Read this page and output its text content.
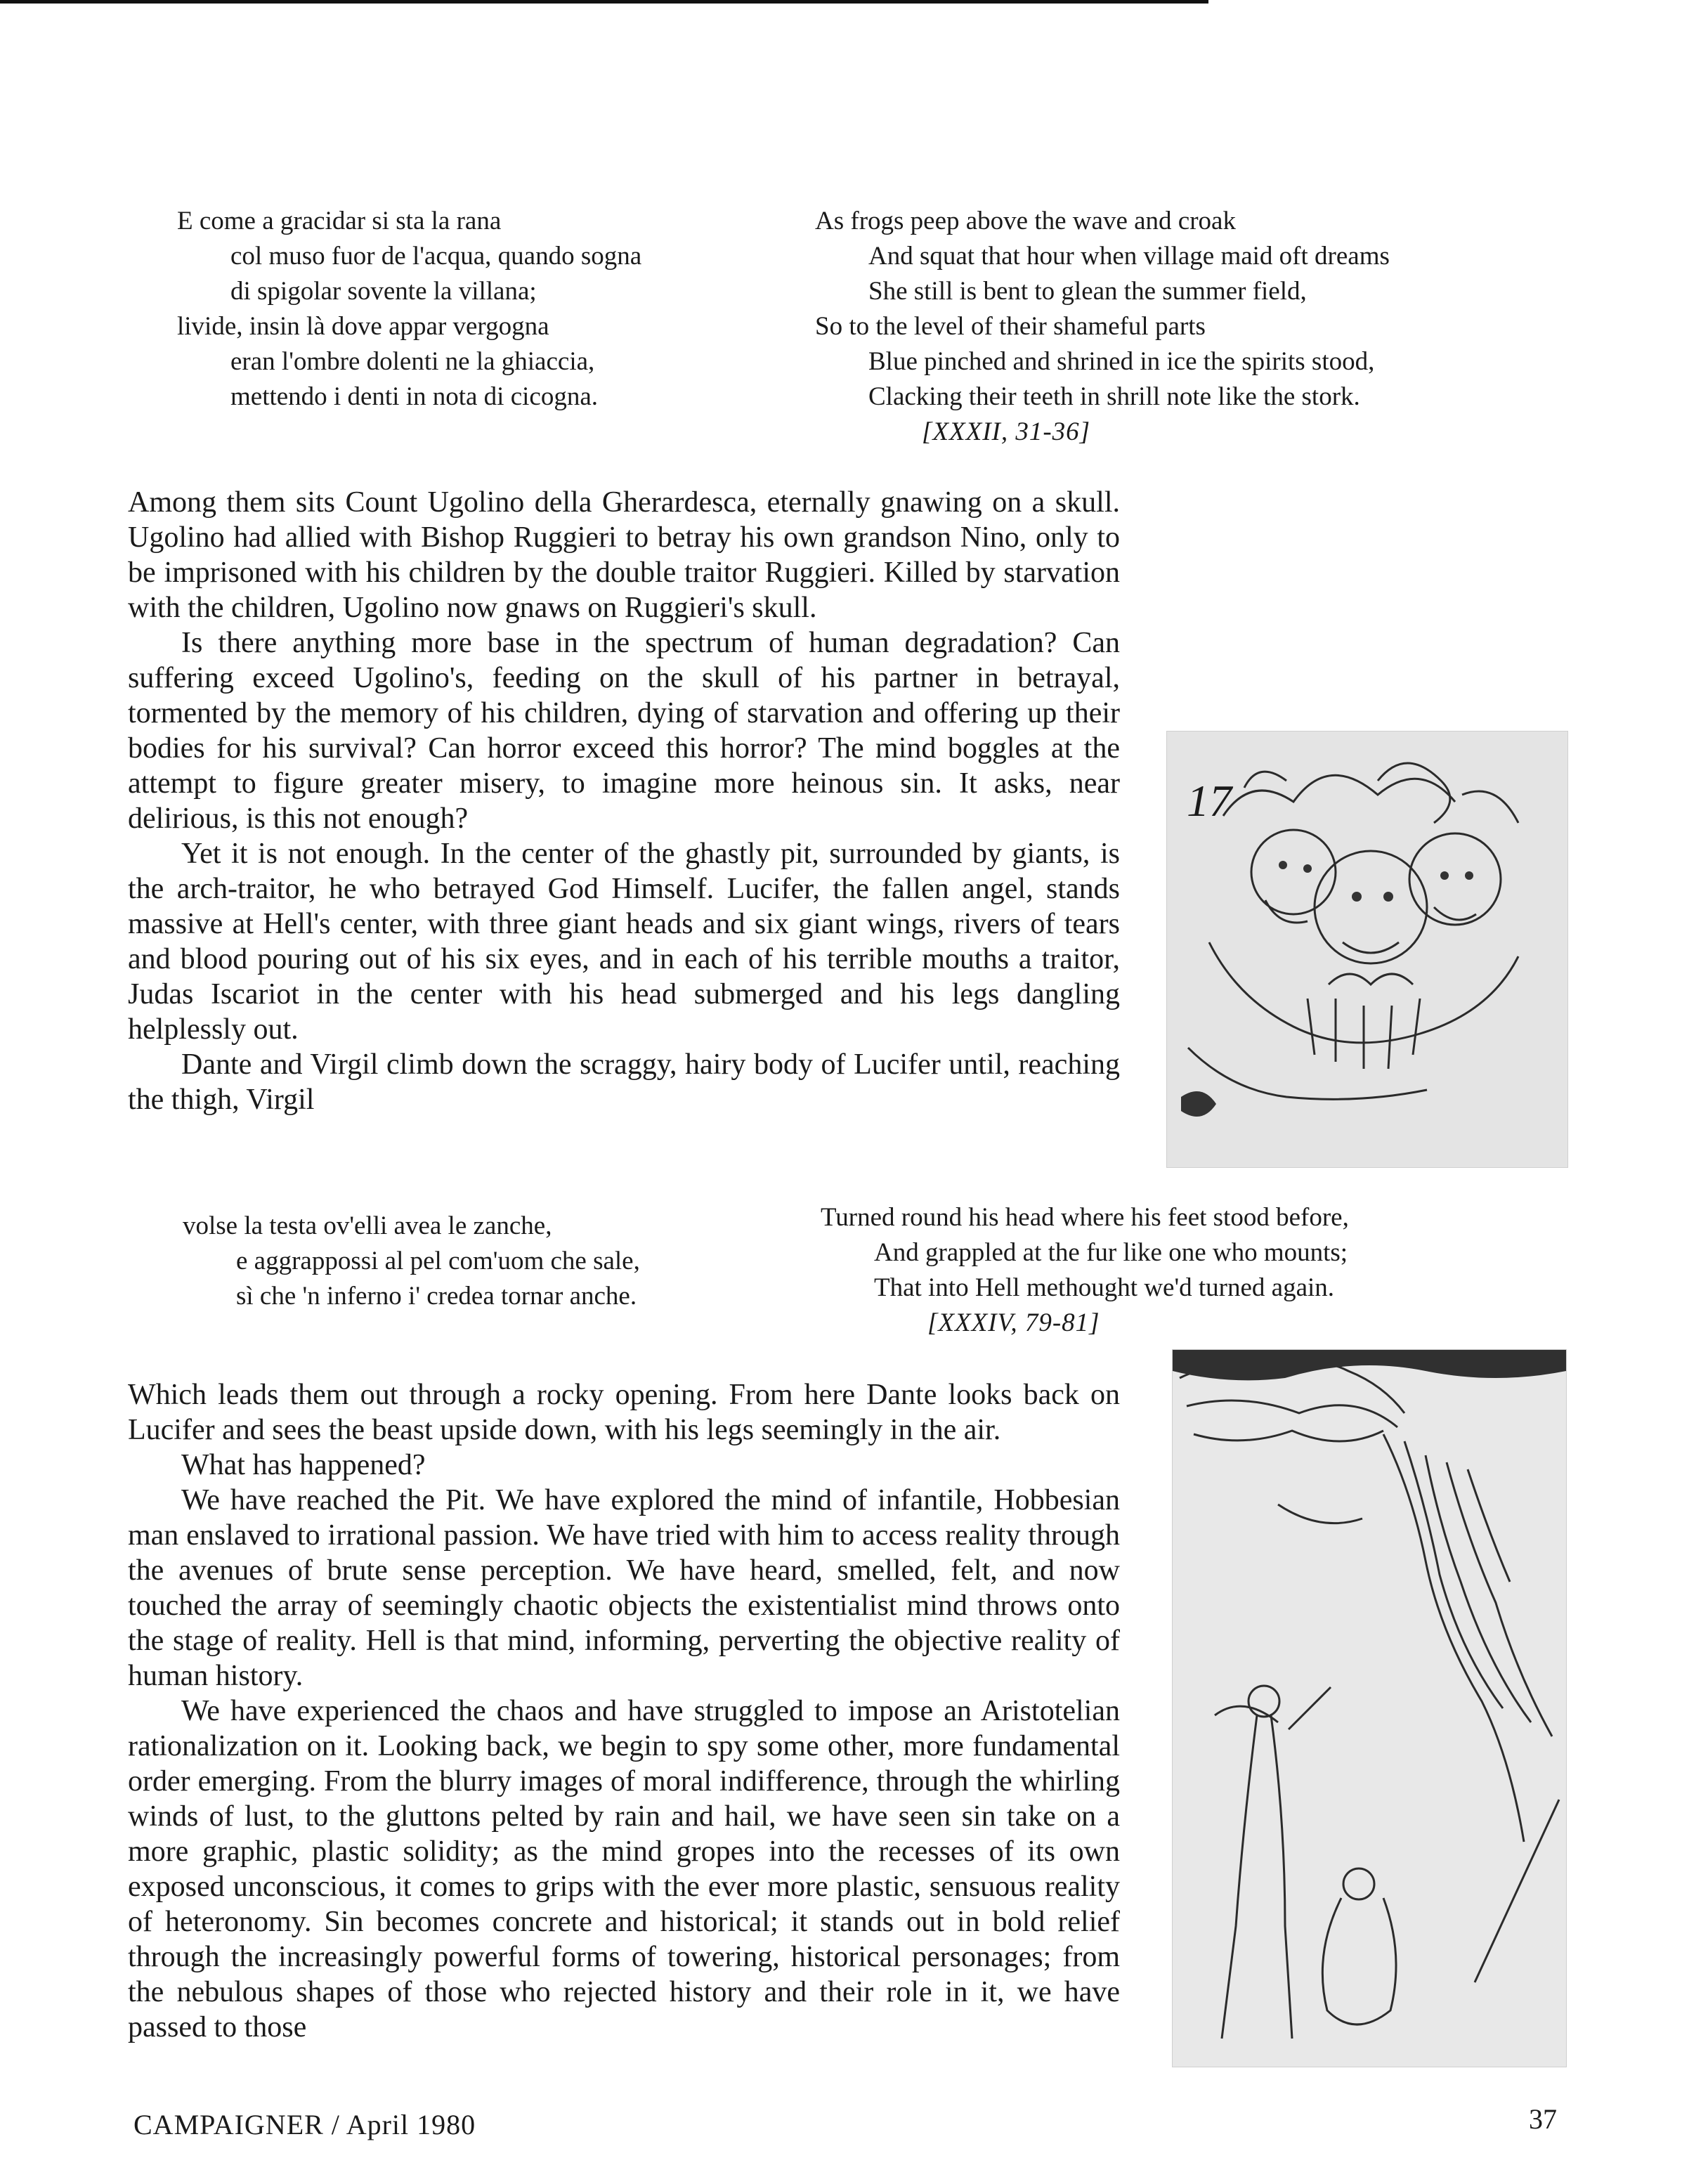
E come a gracidar si sta la rana
col muso fuor de l'acqua, quando sogna
di spigolar sovente la villana;
livide, insin là dove appar vergogna
eran l'ombre dolenti ne la ghiaccia,
mettendo i denti in nota di cicogna.
As frogs peep above the wave and croak
And squat that hour when village maid oft dreams
She still is bent to glean the summer field,
So to the level of their shameful parts
Blue pinched and shrined in ice the spirits stood,
Clacking their teeth in shrill note like the stork.
[XXXII, 31-36]

Among them sits Count Ugolino della Gherardesca, eternally gnawing on a skull. Ugolino had allied with Bishop Ruggieri to betray his own grandson Nino, only to be imprisoned with his children by the double traitor Ruggieri. Killed by starvation with the children, Ugolino now gnaws on Ruggieri's skull.

Is there anything more base in the spectrum of human degradation? Can suffering exceed Ugolino's, feeding on the skull of his partner in betrayal, tormented by the memory of his children, dying of starvation and offering up their bodies for his survival? Can horror exceed this horror? The mind boggles at the attempt to figure greater misery, to imagine more heinous sin. It asks, near delirious, is this not enough?

Yet it is not enough. In the center of the ghastly pit, surrounded by giants, is the arch-traitor, he who betrayed God Himself. Lucifer, the fallen angel, stands massive at Hell's center, with three giant heads and six giant wings, rivers of tears and blood pouring out of his six eyes, and in each of his terrible mouths a traitor, Judas Iscariot in the center with his head submerged and his legs dangling helplessly out.

Dante and Virgil climb down the scraggy, hairy body of Lucifer until, reaching the thigh, Virgil

17
volse la testa ov'elli avea le zanche,
e aggrappossi al pel com'uom che sale,
sì che 'n inferno i' credea tornar anche.
Turned round his head where his feet stood before,
And grappled at the fur like one who mounts;
That into Hell methought we'd turned again.
[XXXIV, 79-81]

Which leads them out through a rocky opening. From here Dante looks back on Lucifer and sees the beast upside down, with his legs seemingly in the air.

What has happened?

We have reached the Pit. We have explored the mind of infantile, Hobbesian man enslaved to irrational passion. We have tried with him to access reality through the avenues of brute sense perception. We have heard, smelled, felt, and now touched the array of seemingly chaotic objects the existentialist mind throws onto the stage of reality. Hell is that mind, informing, perverting the objective reality of human history.

We have experienced the chaos and have struggled to impose an Aristotelian rationalization on it. Looking back, we begin to spy some other, more fundamental order emerging. From the blurry images of moral indifference, through the whirling winds of lust, to the gluttons pelted by rain and hail, we have seen sin take on a more graphic, plastic solidity; as the mind gropes into the recesses of its own exposed unconscious, it comes to grips with the ever more plastic, sensuous reality of heteronomy. Sin becomes concrete and historical; it stands out in bold relief through the increasingly powerful forms of towering, historical personages; from the nebulous shapes of those who rejected history and their role in it, we have passed to those

CAMPAIGNER / April 1980	37
